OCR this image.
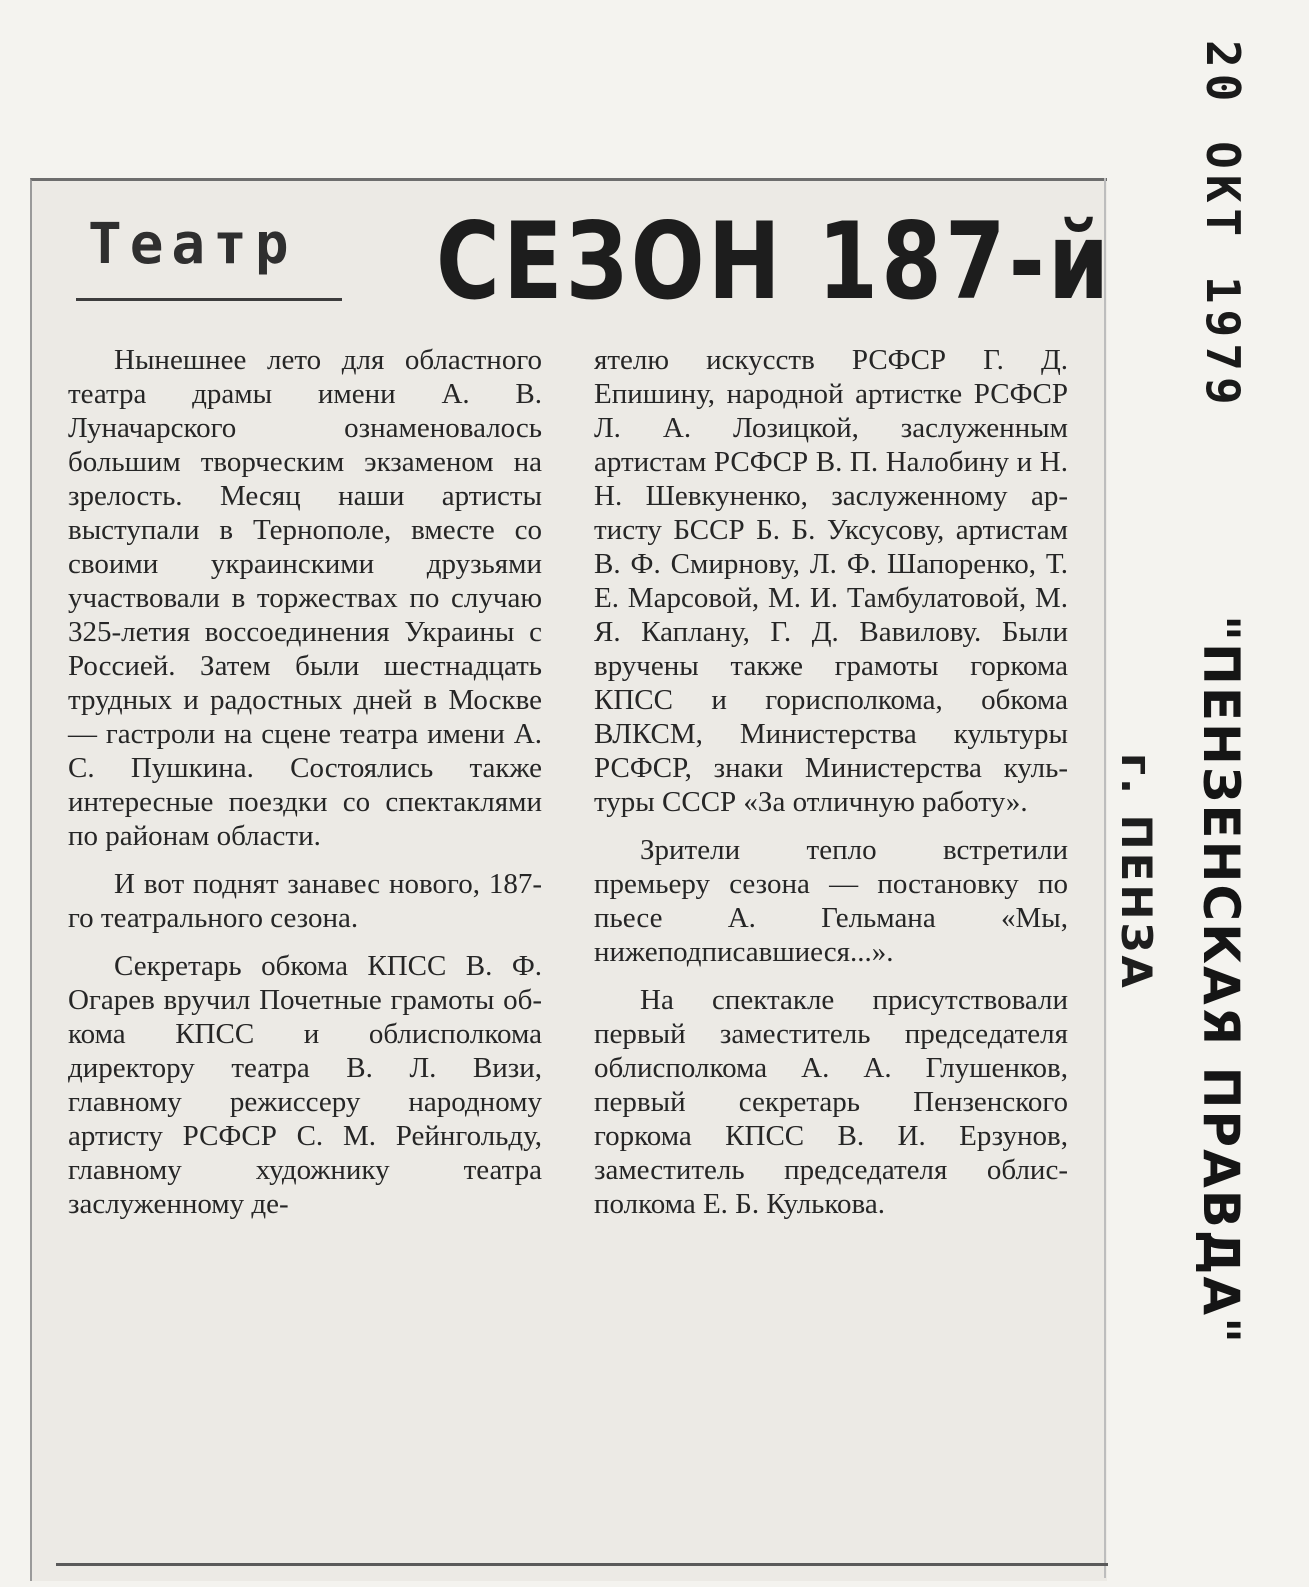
Театр СЕЗОН 187-й

Нынешнее лето для областного театра драмы имени А. В. Луначарского ознаменовалось большим творческим экзаменом на зрелость. Месяц наши артисты выступали в Тернополе, вместе со своими украинскими друзьями участвовали в торжествах по случаю 325-летия воссоединения Украины с Россией. Затем были шестнадцать трудных и радостных дней в Москве — гастроли на сцене театра имени А. С. Пушкина. Состоялись также интересные поездки со спектаклями по районам области.

И вот поднят занавес нового, 187-го театрального сезона.

Секретарь обкома КПСС В. Ф. Огарев вручил Почетные грамоты обкома КПСС и облисполкома директору театра В. Л. Визи, главному режиссеру народному артисту РСФСР С. М. Рейнгольду, главному художнику театра заслуженному де-

ятелю искусств РСФСР Г. Д. Епишину, народной артистке РСФСР Л. А. Лозицкой, заслуженным артистам РСФСР В. П. Налобину и Н. Н. Шевкуненко, заслуженному артисту БССР Б. Б. Уксусову, артистам В. Ф. Смирнову, Л. Ф. Шапоренко, Т. Е. Марсовой, М. И. Тамбулатовой, М. Я. Каплану, Г. Д. Вавилову. Были вручены также грамоты горкома КПСС и горисполкома, обкома ВЛКСМ, Министерства культуры РСФСР, знаки Министерства культуры СССР «За отличную работу».

Зрители тепло встретили премьеру сезона — постановку по пьесе А. Гельмана «Мы, нижеподписавшиеся...».

На спектакле присутствовали первый заместитель председателя облисполкома А. А. Глушенков, первый секретарь Пензенского горкома КПСС В. И. Ерзунов, заместитель председателя облисполкома Е. Б. Кулькова.

20 ОКТ 1979
"ПЕНЗЕНСКАЯ ПРАВДА"
г. ПЕНЗА
